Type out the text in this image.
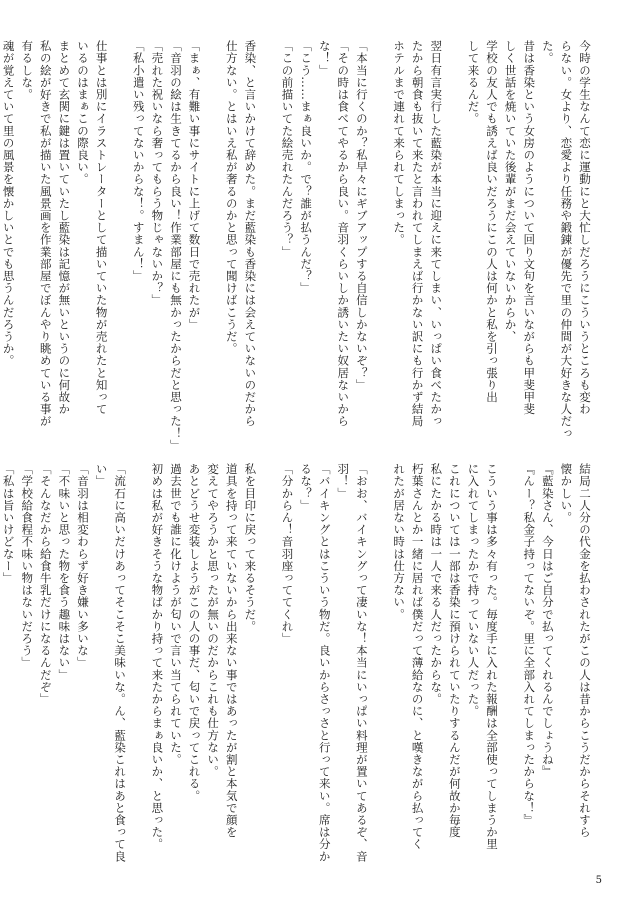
今時の学生なんて恋に運動にと大忙しだろうにこういうところも変わ
らない。女より、恋愛より任務や鍛錬が優先で里の仲間が大好きな人だっ
た。
昔は香染という女房のようについて回り文句を言いながらも甲斐甲斐
しく世話を焼いていた後輩がまだ会えていないからか、
学校の友人でも誘えば良いだろうにこの人は何かと私を引っ張り出
して来るんだ。

翌日有言実行した藍染が本当に迎えに来てしまい、いっぱい食べたかっ
たから朝食も抜いて来たと言われてしまえば行かない訳にも行かず結局
ホテルまで連れて来られてしまった。

「本当に行くのか？私早々にギブアップする自信しかないぞ？」
「その時は食べてやるから良い。音羽くらいしか誘いたい奴居ないから
な！」
「こう……まぁ良いか。で？誰が払うんだ？」
「この前描いてた絵売れたんだろう？」

香染、と言いかけて辞めた。まだ藍染も香染には会えていないのだから
仕方ない。とはいえ私が奢るのかと思って聞けばこうだ。

「まぁ、有難い事にサイトに上げて数日で売れたが」
「音羽の絵は生きてるから良い！作業部屋にも無かったからだと思った！」
「売れた祝いなら奢ってもらう物じゃないか？」
「私小遣い残ってないからな！。すまん！」

仕事とは別にイラストレーターとして描いていた物が売れたと知って
いるのはまぁこの際良い。
まとめて玄関に鍵は置いていたし藍染は記憶が無いというのに何故か
私の絵が好きで私が描いた風景画を作業部屋でぼんやり眺めている事が
有るしな。
魂が覚えていて里の風景を懐かしいとでも思うんだろうか。
結局二人分の代金を払わされたがこの人は昔からこうだからそれすら
懐かしい。
『藍染さん、今日はご自分で払ってくれるんでしょうね』
『んー？私金子持ってないぞ。里に全部入れてしまったからな！』

こういう事は多々有った。毎度手に入れた報酬は全部使ってしまうか里
に入れてしまったかで持っていない人だった。
これについては一部は香染に預けられていたりするんだが何故か毎度
私にたかる時は一人で来る人だったからな。
朽葉さんとか一緒に居れば僕だって薄給なのに、と嘆きながら払ってく
れたが居ない時は仕方ない。

「おお、バイキングって凄いな！本当にいっぱい料理が置いてあるぞ、音
羽！」
「バイキングとはこういう物だ。良いからさっさと行って来い。席は分か
るな？」
「分からん！音羽座っててくれ」

私を目印に戻って来るそうだ。
道具を持って来ていないから出来ない事ではあったが割と本気で顔を
変えてやろうかと思ったが無いのだからこれも仕方ない。
あとどうせ変装しようがこの人の事だ、匂いで戻ってこれる。
過去世でも誰に化けようが匂いで言い当てられていた。
初めは私が好きそうな物ばかり持って来たからまぁ良いか、と思った。

「流石に高いだけあってそこそこ美味いな。ん、藍染これはあと食って良
い」
「音羽は相変わらず好き嫌い多いな」
「不味いと思った物を食う趣味はない」
「そんなだから給食牛乳だけになるんだぞ」
「学校給食程不味い物はないだろう」
「私は旨いけどなー」
5
